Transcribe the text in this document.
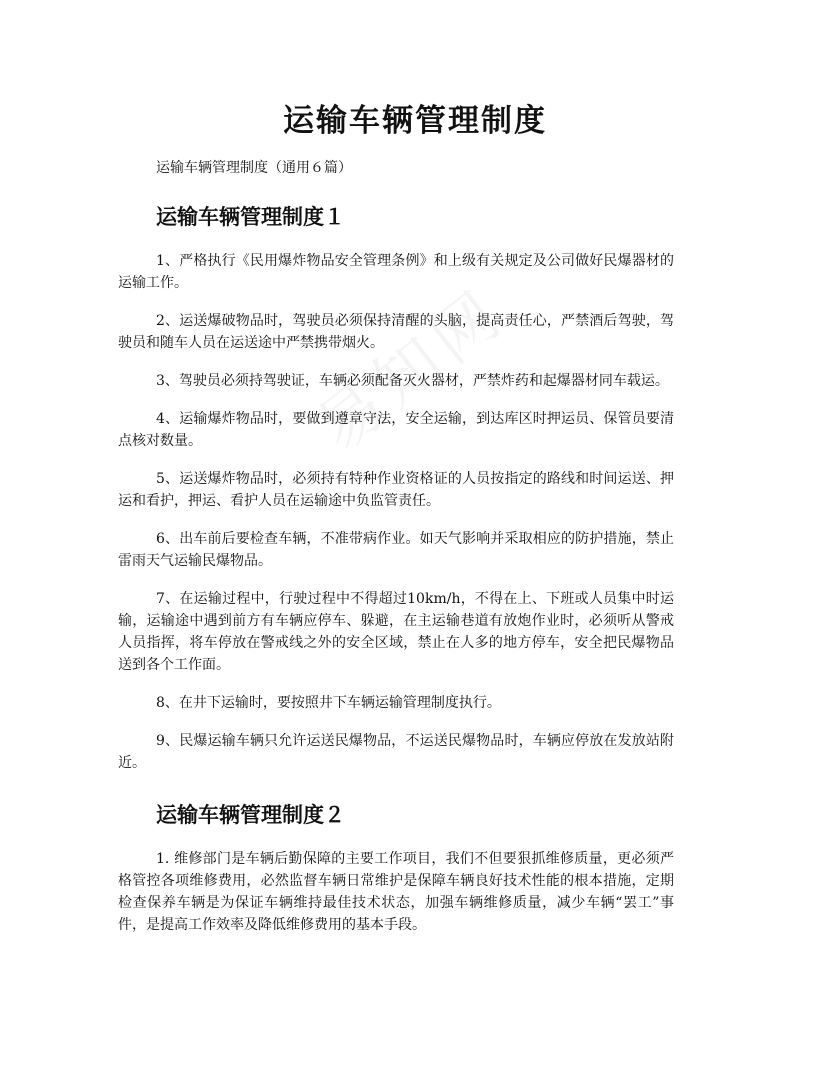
运输车辆管理制度
运输车辆管理制度（通用６篇）
运输车辆管理制度１

1、严格执行《民用爆炸物品安全管理条例》和上级有关规定及公司做好民爆器材的运输工作。

2、运送爆破物品时，驾驶员必须保持清醒的头脑，提高责任心，严禁酒后驾驶，驾驶员和随车人员在运送途中严禁携带烟火。

3、驾驶员必须持驾驶证，车辆必须配备灭火器材，严禁炸药和起爆器材同车载运。

4、运输爆炸物品时，要做到遵章守法，安全运输，到达库区时押运员、保管员要清点核对数量。

5、运送爆炸物品时，必须持有特种作业资格证的人员按指定的路线和时间运送、押运和看护，押运、看护人员在运输途中负监管责任。

6、出车前后要检查车辆，不准带病作业。如天气影响并采取相应的防护措施，禁止雷雨天气运输民爆物品。

7、在运输过程中，行驶过程中不得超过10km/h，不得在上、下班或人员集中时运输，运输途中遇到前方有车辆应停车、躲避，在主运输巷道有放炮作业时，必须听从警戒人员指挥，将车停放在警戒线之外的安全区域，禁止在人多的地方停车，安全把民爆物品送到各个工作面。

8、在井下运输时，要按照井下车辆运输管理制度执行。

9、民爆运输车辆只允许运送民爆物品，不运送民爆物品时，车辆应停放在发放站附近。

运输车辆管理制度２

1. 维修部门是车辆后勤保障的主要工作项目，我们不但要狠抓维修质量，更必须严格管控各项维修费用，必然监督车辆日常维护是保障车辆良好技术性能的根本措施，定期检查保养车辆是为保证车辆维持最佳技术状态，加强车辆维修质量，减少车辆“罢工”事件，是提高工作效率及降低维修费用的基本手段。
